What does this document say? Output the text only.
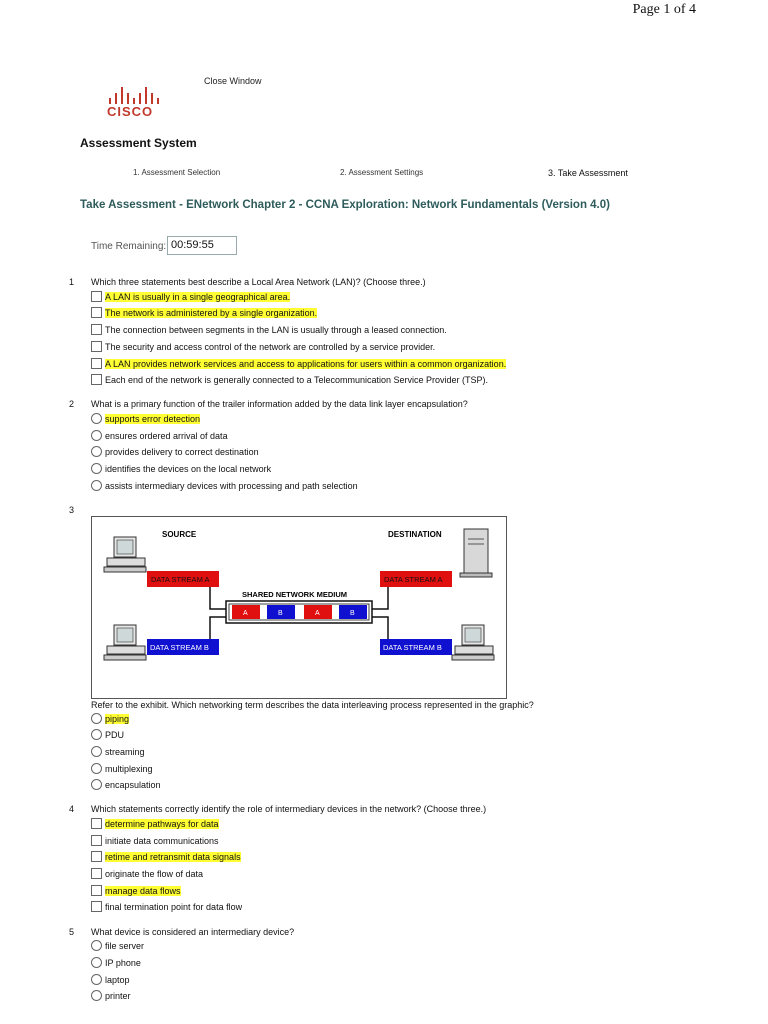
Page 1 of 4
CISCO
Close Window
Assessment System
1. Assessment Selection	2. Assessment Settings	3. Take Assessment
Take Assessment - ENetwork Chapter 2 - CCNA Exploration: Network Fundamentals (Version 4.0)
Time Remaining: 00:59:55
1 Which three statements best describe a Local Area Network (LAN)? (Choose three.)
A LAN is usually in a single geographical area.
The network is administered by a single organization.
The connection between segments in the LAN is usually through a leased connection.
The security and access control of the network are controlled by a service provider.
A LAN provides network services and access to applications for users within a common organization.
Each end of the network is generally connected to a Telecommunication Service Provider (TSP).
2 What is a primary function of the trailer information added by the data link layer encapsulation?
supports error detection
ensures ordered arrival of data
provides delivery to correct destination
identifies the devices on the local network
assists intermediary devices with processing and path selection
3
SOURCE	DESTINATION
DATA STREAM A	DATA STREAM A
DATA STREAM B	DATA STREAM B
SHARED NETWORK MEDIUM
A	B	A	B
Refer to the exhibit. Which networking term describes the data interleaving process represented in the graphic?
piping
PDU
streaming
multiplexing
encapsulation
4 Which statements correctly identify the role of intermediary devices in the network? (Choose three.)
determine pathways for data
initiate data communications
retime and retransmit data signals
originate the flow of data
manage data flows
final termination point for data flow
5 What device is considered an intermediary device?
file server
IP phone
laptop
printer
